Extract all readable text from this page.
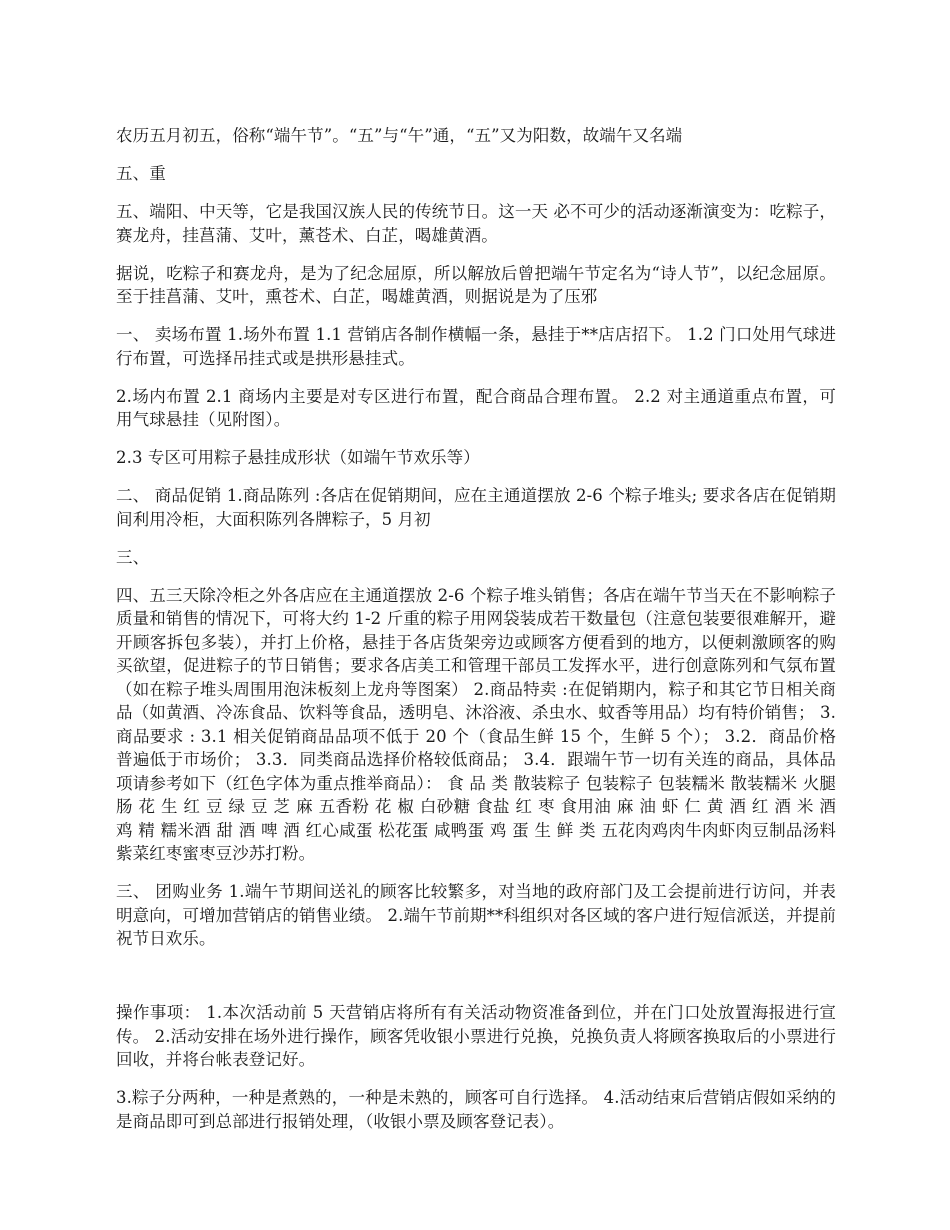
农历五月初五，俗称“端午节”。“五”与“午”通，“五”又为阳数，故端午又名端

五、重

五、端阳、中天等，它是我国汉族人民的传统节日。这一天 必不可少的活动逐渐演变为：吃粽子，赛龙舟，挂菖蒲、艾叶，薰苍术、白芷，喝雄黄酒。

据说，吃粽子和赛龙舟，是为了纪念屈原，所以解放后曾把端午节定名为“诗人节”，以纪念屈原。至于挂菖蒲、艾叶，熏苍术、白芷，喝雄黄酒，则据说是为了压邪

一、 卖场布置 1.场外布置 1.1 营销店各制作横幅一条，悬挂于**店店招下。 1.2 门口处用气球进行布置，可选择吊挂式或是拱形悬挂式。

2.场内布置 2.1 商场内主要是对专区进行布置，配合商品合理布置。 2.2 对主通道重点布置，可用气球悬挂（见附图）。

2.3 专区可用粽子悬挂成形状（如端午节欢乐等）

二、 商品促销 1.商品陈列 :各店在促销期间，应在主通道摆放 2-6 个粽子堆头; 要求各店在促销期间利用冷柜，大面积陈列各牌粽子，5 月初

三、

四、五三天除冷柜之外各店应在主通道摆放 2-6 个粽子堆头销售；各店在端午节当天在不影响粽子质量和销售的情况下，可将大约 1-2 斤重的粽子用网袋装成若干数量包（注意包装要很难解开，避开顾客拆包多装），并打上价格，悬挂于各店货架旁边或顾客方便看到的地方，以便刺激顾客的购买欲望，促进粽子的节日销售；要求各店美工和管理干部员工发挥水平，进行创意陈列和气氛布置（如在粽子堆头周围用泡沫板刻上龙舟等图案） 2.商品特卖 :在促销期内，粽子和其它节日相关商品（如黄酒、冷冻食品、饮料等食品，透明皂、沐浴液、杀虫水、蚊香等用品）均有特价销售； 3.商品要求 : 3.1 相关促销商品品项不低于 20 个（食品生鲜 15 个，生鲜 5 个）； 3.2．商品价格普遍低于市场价； 3.3．同类商品选择价格较低商品； 3.4．跟端午节一切有关连的商品，具体品项请参考如下（红色字体为重点推举商品）： 食 品 类 散装粽子 包装粽子 包装糯米 散装糯米 火腿肠 花 生 红 豆 绿 豆 芝 麻 五香粉 花 椒 白砂糖 食盐 红 枣 食用油 麻 油 虾 仁 黄 酒 红 酒 米 酒 鸡 精 糯米酒 甜 酒 啤 酒 红心咸蛋 松花蛋 咸鸭蛋 鸡 蛋 生 鲜 类 五花肉鸡肉牛肉虾肉豆制品汤料紫菜红枣蜜枣豆沙苏打粉。

三、 团购业务 1.端午节期间送礼的顾客比较繁多，对当地的政府部门及工会提前进行访问，并表明意向，可增加营销店的销售业绩。 2.端午节前期**科组织对各区域的客户进行短信派送，并提前祝节日欢乐。

操作事项： 1.本次活动前 5 天营销店将所有有关活动物资准备到位，并在门口处放置海报进行宣传。 2.活动安排在场外进行操作，顾客凭收银小票进行兑换，兑换负责人将顾客换取后的小票进行回收，并将台帐表登记好。

3.粽子分两种，一种是煮熟的，一种是未熟的，顾客可自行选择。 4.活动结束后营销店假如采纳的是商品即可到总部进行报销处理，（收银小票及顾客登记表）。
